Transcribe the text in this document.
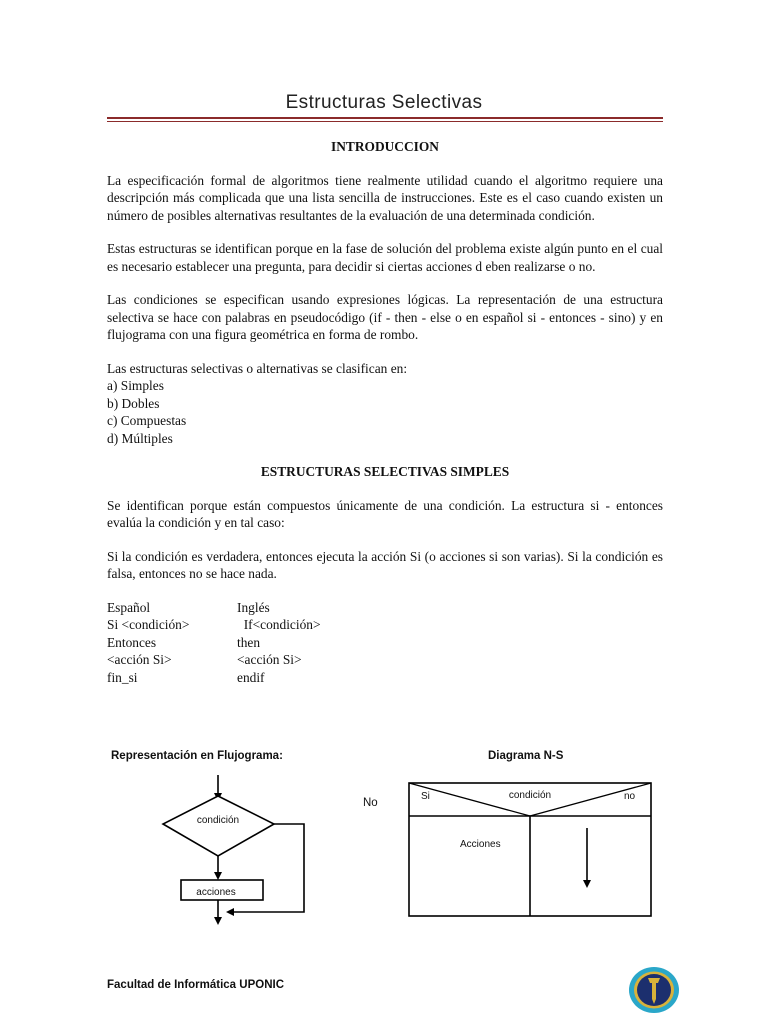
Estructuras Selectivas
INTRODUCCION

La especificación formal de algoritmos tiene realmente utilidad cuando el algoritmo requiere una descripción más complicada que una lista sencilla de instrucciones. Este es el caso cuando existen un número de posibles alternativas resultantes de la evaluación de una determinada condición.

Estas estructuras se identifican porque en la fase de solución del problema existe algún punto en el cual es necesario establecer una pregunta, para decidir si ciertas acciones d eben realizarse o no.

Las condiciones se especifican usando expresiones lógicas. La representación de una estructura selectiva se hace con palabras en pseudocódigo (if - then - else o en español si - entonces - sino) y en flujograma con una figura geométrica en forma de rombo.

Las estructuras selectivas o alternativas se clasifican en:

a) Simples
b) Dobles
c) Compuestas
d) Múltiples
ESTRUCTURAS SELECTIVAS SIMPLES

Se identifican porque están compuestos únicamente de una condición. La estructura si - entonces evalúa la condición y en tal caso:

Si la condición es verdadera, entonces ejecuta la acción Si (o acciones si son varias). Si la condición es falsa, entonces no se hace nada.

Español	Inglés
Si <condición>	If<condición>
Entonces	then
<acción Si>	<acción Si>
fin_si	endif
Representación en Flujograma:	Diagrama N-S
condición
acciones
No
Si	condición	no
Acciones
Facultad de Informática UPONIC
